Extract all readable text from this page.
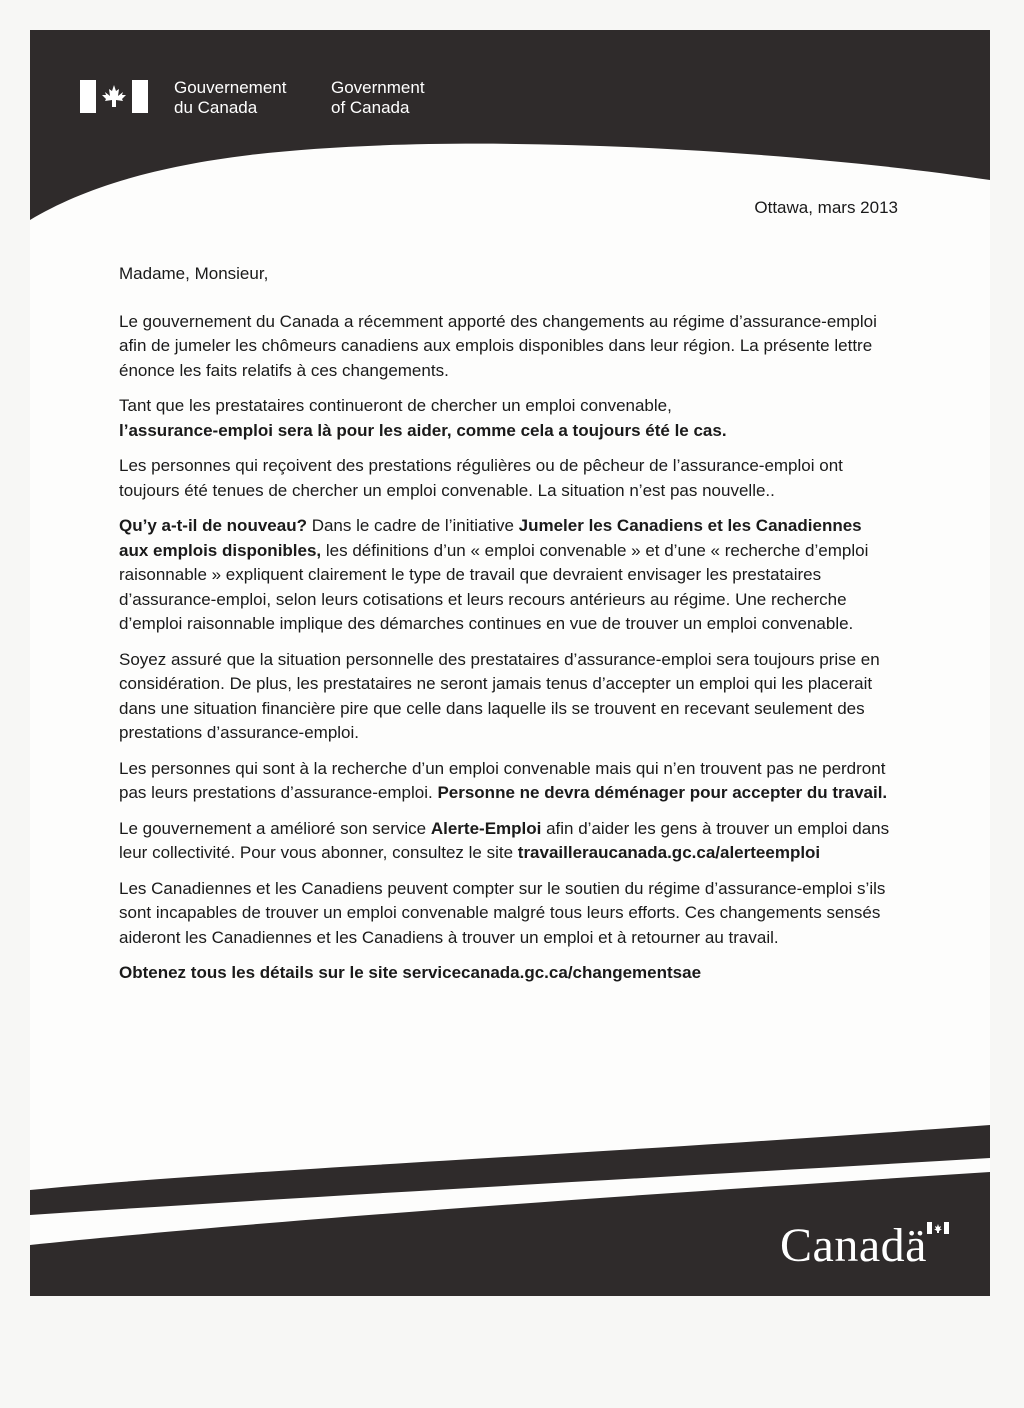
Gouvernement
du Canada
Government
of Canada
Ottawa, mars 2013

Madame, Monsieur,

Le gouvernement du Canada a récemment apporté des changements au régime d’assurance-emploi afin de jumeler les chômeurs canadiens aux emplois disponibles dans leur région. La présente lettre énonce les faits relatifs à ces changements.

Tant que les prestataires continueront de chercher un emploi convenable,
l’assurance-emploi sera là pour les aider, comme cela a toujours été le cas.

Les personnes qui reçoivent des prestations régulières ou de pêcheur de l’assurance-emploi ont toujours été tenues de chercher un emploi convenable. La situation n’est pas nouvelle..

Qu’y a-t-il de nouveau? Dans le cadre de l’initiative Jumeler les Canadiens et les Canadiennes aux emplois disponibles, les définitions d’un « emploi convenable » et d’une « recherche d’emploi raisonnable » expliquent clairement le type de travail que devraient envisager les prestataires d’assurance-emploi, selon leurs cotisations et leurs recours antérieurs au régime. Une recherche d’emploi raisonnable implique des démarches continues en vue de trouver un emploi convenable.

Soyez assuré que la situation personnelle des prestataires d’assurance-emploi sera toujours prise en considération. De plus, les prestataires ne seront jamais tenus d’accepter un emploi qui les placerait dans une situation financière pire que celle dans laquelle ils se trouvent en recevant seulement des prestations d’assurance-emploi.

Les personnes qui sont à la recherche d’un emploi convenable mais qui n’en trouvent pas ne perdront pas leurs prestations d’assurance-emploi. Personne ne devra déménager pour accepter du travail.

Le gouvernement a amélioré son service Alerte-Emploi afin d’aider les gens à trouver un emploi dans leur collectivité. Pour vous abonner, consultez le site travailleraucanada.gc.ca/alerteemploi

Les Canadiennes et les Canadiens peuvent compter sur le soutien du régime d’assurance-emploi s’ils sont incapables de trouver un emploi convenable malgré tous leurs efforts. Ces changements sensés aideront les Canadiennes et les Canadiens à trouver un emploi et à retourner au travail.

Obtenez tous les détails sur le site servicecanada.gc.ca/changementsae

Canadä
